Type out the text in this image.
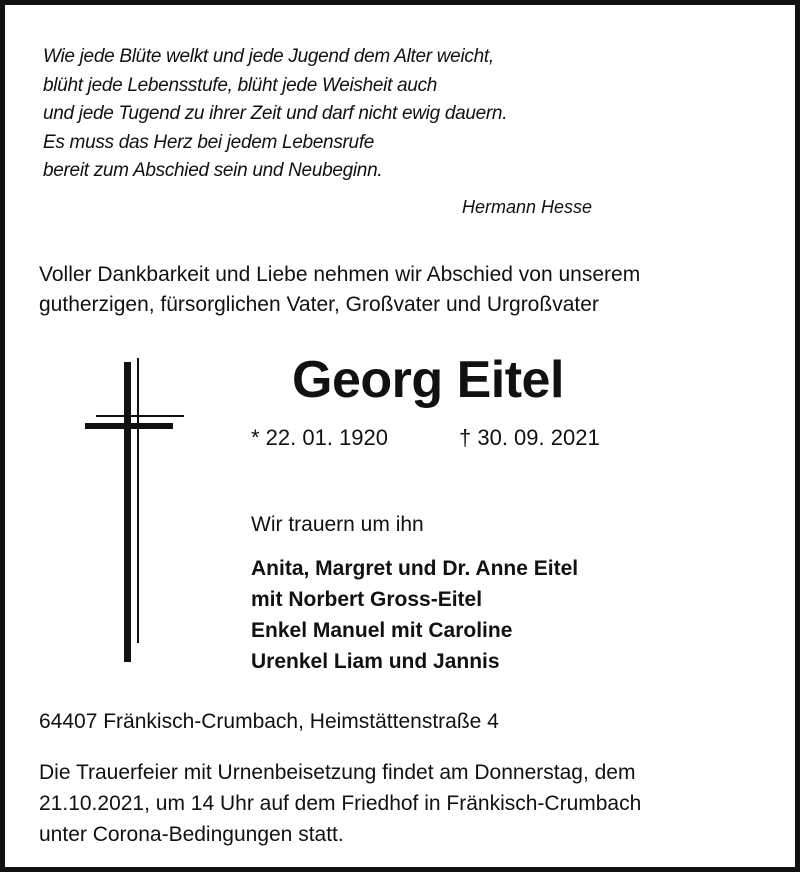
Wie jede Blüte welkt und jede Jugend dem Alter weicht,
blüht jede Lebensstufe, blüht jede Weisheit auch
und jede Tugend zu ihrer Zeit und darf nicht ewig dauern.
Es muss das Herz bei jedem Lebensrufe
bereit zum Abschied sein und Neubeginn.
Hermann Hesse
Voller Dankbarkeit und Liebe nehmen wir Abschied von unserem
gutherzigen, fürsorglichen Vater, Großvater und Urgroßvater
Georg Eitel
* 22. 01. 1920	† 30. 09. 2021
Wir trauern um ihn
Anita, Margret und Dr. Anne Eitel
mit Norbert Gross-Eitel
Enkel Manuel mit Caroline
Urenkel Liam und Jannis
64407 Fränkisch-Crumbach, Heimstättenstraße 4
Die Trauerfeier mit Urnenbeisetzung findet am Donnerstag, dem
21.10.2021, um 14 Uhr auf dem Friedhof in Fränkisch-Crumbach
unter Corona-Bedingungen statt.
